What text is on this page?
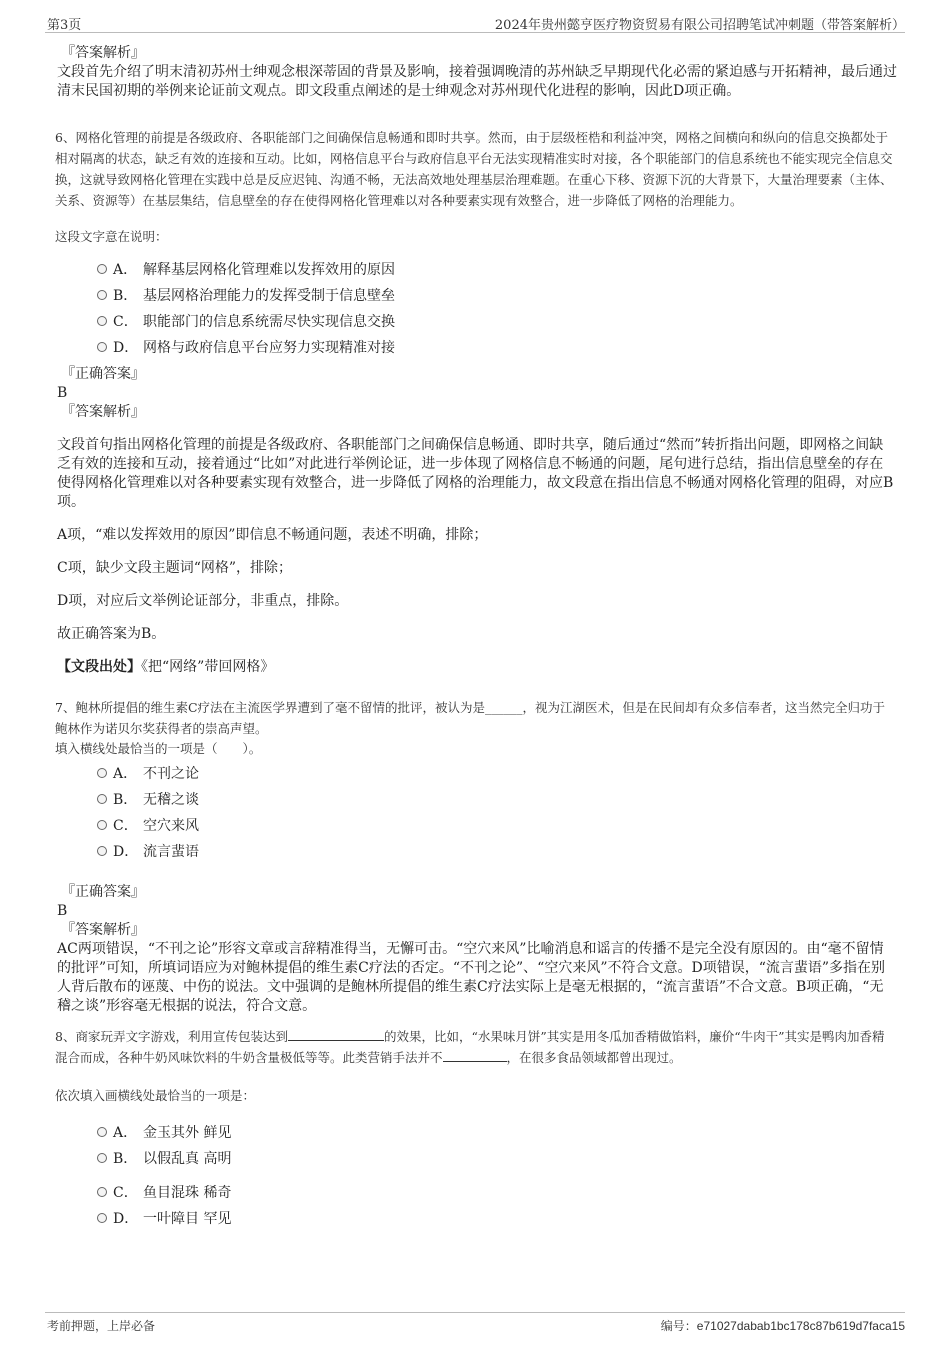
第3页	2024年贵州懿亨医疗物资贸易有限公司招聘笔试冲刺题（带答案解析）
『答案解析』
文段首先介绍了明末清初苏州士绅观念根深蒂固的背景及影响，接着强调晚清的苏州缺乏早期现代化必需的紧迫感与开拓精神，最后通过清末民国初期的举例来论证前文观点。即文段重点阐述的是士绅观念对苏州现代化进程的影响，因此D项正确。
6、网格化管理的前提是各级政府、各职能部门之间确保信息畅通和即时共享。然而，由于层级桎梏和利益冲突，网格之间横向和纵向的信息交换都处于相对隔离的状态，缺乏有效的连接和互动。比如，网格信息平台与政府信息平台无法实现精准实时对接，各个职能部门的信息系统也不能实现完全信息交换，这就导致网格化管理在实践中总是反应迟钝、沟通不畅，无法高效地处理基层治理难题。在重心下移、资源下沉的大背景下，大量治理要素（主体、关系、资源等）在基层集结，信息壁垒的存在使得网格化管理难以对各种要素实现有效整合，进一步降低了网格的治理能力。
这段文字意在说明：
A． 解释基层网格化管理难以发挥效用的原因
B． 基层网格治理能力的发挥受制于信息壁垒
C． 职能部门的信息系统需尽快实现信息交换
D． 网格与政府信息平台应努力实现精准对接
『正确答案』
B
『答案解析』
文段首句指出网格化管理的前提是各级政府、各职能部门之间确保信息畅通、即时共享，随后通过“然而”转折指出问题，即网格之间缺乏有效的连接和互动，接着通过“比如”对此进行举例论证，进一步体现了网格信息不畅通的问题，尾句进行总结，指出信息壁垒的存在使得网格化管理难以对各种要素实现有效整合，进一步降低了网格的治理能力，故文段意在指出信息不畅通对网格化管理的阻碍，对应B项。
A项，“难以发挥效用的原因”即信息不畅通问题，表述不明确，排除；
C项，缺少文段主题词“网格”，排除；
D项，对应后文举例论证部分，非重点，排除。
故正确答案为B。
【文段出处】《把“网络”带回网格》
7、鲍林所提倡的维生素C疗法在主流医学界遭到了毫不留情的批评，被认为是______，视为江湖医术，但是在民间却有众多信奉者，这当然完全归功于鲍林作为诺贝尔奖获得者的崇高声望。
填入横线处最恰当的一项是（　　）。
A． 不刊之论
B． 无稽之谈
C． 空穴来风
D． 流言蜚语
『正确答案』
B
『答案解析』
AC两项错误，“不刊之论”形容文章或言辞精准得当，无懈可击。“空穴来风”比喻消息和谣言的传播不是完全没有原因的。由“毫不留情的批评”可知，所填词语应为对鲍林提倡的维生素C疗法的否定。“不刊之论”、“空穴来风”不符合文意。D项错误，“流言蜚语”多指在别人背后散布的诬蔑、中伤的说法。文中强调的是鲍林所提倡的维生素C疗法实际上是毫无根据的，“流言蜚语”不合文意。B项正确，“无稽之谈”形容毫无根据的说法，符合文意。
8、商家玩弄文字游戏，利用宣传包装达到	的效果，比如，“水果味月饼”其实是用冬瓜加香精做馅料，廉价“牛肉干”其实是鸭肉加香精混合而成，各种牛奶风味饮料的牛奶含量极低等等。此类营销手法并不	，在很多食品领域都曾出现过。
依次填入画横线处最恰当的一项是：
A． 金玉其外 鲜见
B． 以假乱真 高明
C． 鱼目混珠 稀奇
D． 一叶障目 罕见
考前押题，上岸必备	编号：e71027dabab1bc178c87b619d7faca15
